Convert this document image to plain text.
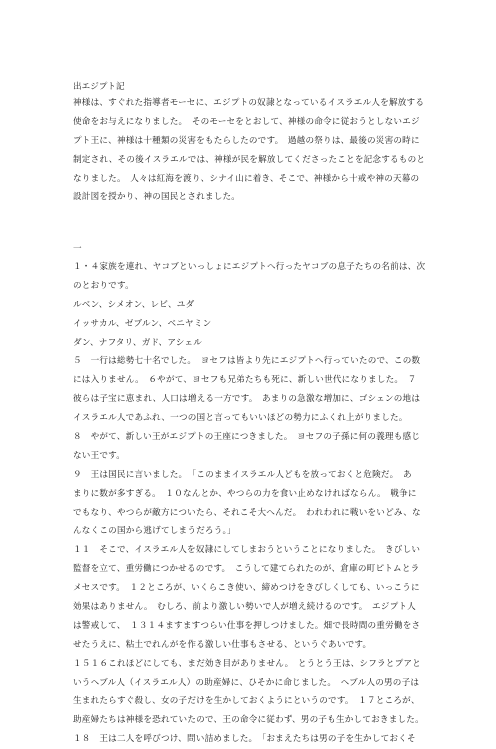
出エジプト記
神様は、すぐれた指導者モーセに、エジプトの奴隷となっているイスラエル人を解放する
使命をお与えになりました。　そのモーセをとおして、神様の命令に従おうとしないエジ
プト王に、神様は十種類の災害をもたらしたのです。　過越の祭りは、最後の災害の時に
制定され、その後イスラエルでは、神様が民を解放してくださったことを記念するものと
なりました。　人々は紅海を渡り、シナイ山に着き、そこで、神様から十戒や神の天幕の
設計図を授かり、神の国民とされました。
一
１・４家族を連れ、ヤコブといっしょにエジプトへ行ったヤコブの息子たちの名前は、次
のとおりです。
ルベン、シメオン、レビ、ユダ
イッサカル、ゼブルン、ベニヤミン
ダン、ナフタリ、ガド、アシェル
５　一行は総勢七十名でした。　ヨセフは皆より先にエジプトへ行っていたので、この数
には入りません。　６やがて、ヨセフも兄弟たちも死に、新しい世代になりました。　７
彼らは子宝に恵まれ、人口は増える一方です。　あまりの急激な増加に、ゴシェンの地は
イスラエル人であふれ、一つの国と言ってもいいほどの勢力にふくれ上がりました。
８　やがて、新しい王がエジプトの王座につきました。　ヨセフの子孫に何の義理も感じ
ない王です。
９　王は国民に言いました。　「このままイスラエル人どもを放っておくと危険だ。　あ
まりに数が多すぎる。　１０なんとか、やつらの力を食い止めなければならん。　戦争に
でもなり、やつらが敵方についたら、それこそ大へんだ。　われわれに戦いをいどみ、な
んなくこの国から逃げてしまうだろう。」
１１　そこで、イスラエル人を奴隷にしてしまおうということになりました。　きびしい
監督を立て、重労働につかせるのです。　こうして建てられたのが、倉庫の町ピトムとラ
メセスです。　１２ところが、いくらこき使い、締めつけをきびしくしても、いっこうに
効果はありません。　むしろ、前より激しい勢いで人が増え続けるのです。　エジプト人
は警戒して、　１３１４ますますつらい仕事を押しつけました。畑で長時間の重労働をさ
せたうえに、粘土でれんがを作る激しい仕事もさせる、というぐあいです。
１５１６これほどにしても、まだ効き目がありません。　とうとう王は、シフラとプアと
いうヘブル人（イスラエル人）の助産婦に、ひそかに命じました。　ヘブル人の男の子は
生まれたらすぐ殺し、女の子だけを生かしておくようにというのです。　１７ところが、
助産婦たちは神様を恐れていたので、王の命令に従わず、男の子も生かしておきました。
１８　王は二人を呼びつけ、問い詰めました。　「おまえたちは男の子を生かしておくそ
